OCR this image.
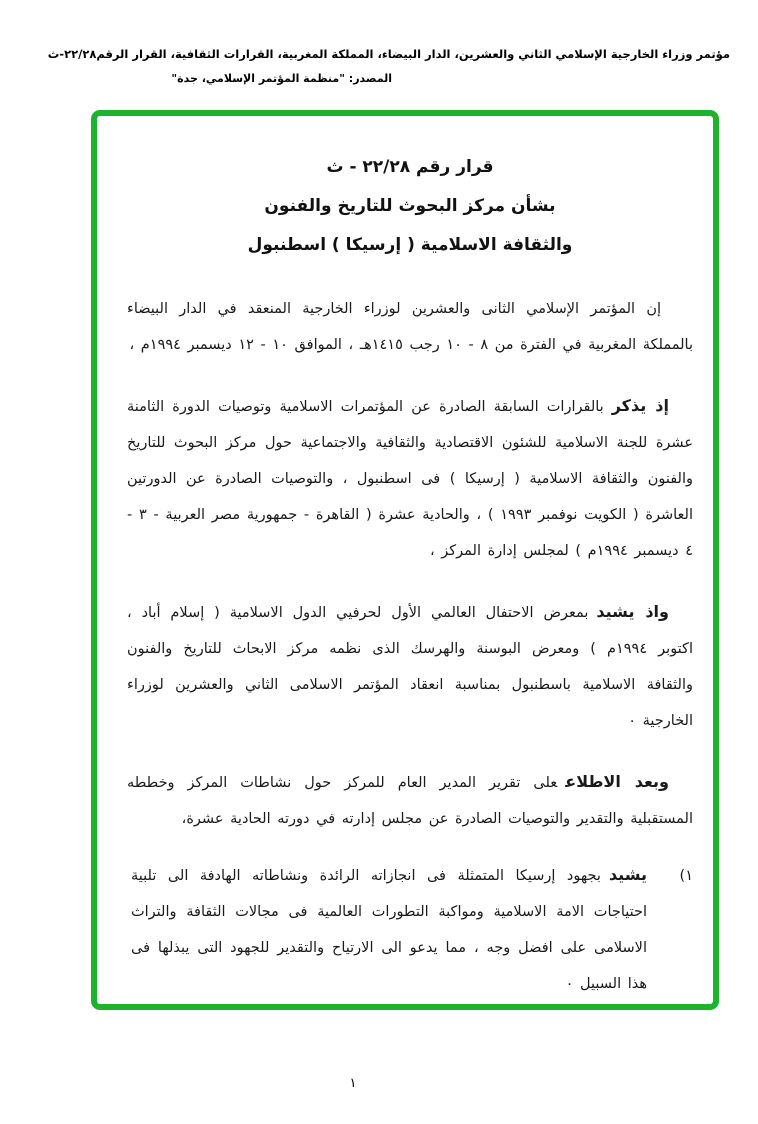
مؤتمر وزراء الخارجية الإسلامي الثاني والعشرين، الدار البيضاء، المملكة المغربية، القرارات الثقافية، القرار الرقم٢٢/٢٨-ث
المصدر: "منظمة المؤتمر الإسلامي، جدة"
قرار رقم ٢٢/٢٨ - ث
بشأن مركز البحوث للتاريخ والفنون
والثقافة الاسلامية ( إرسيكا ) اسطنبول

إن المؤتمر الإسلامي الثانى والعشرين لوزراء الخارجية المنعقد في الدار البيضاء بالمملكة المغربية في الفترة من ٨ - ١٠ رجب ١٤١٥هـ ، الموافق ١٠ - ١٢ ديسمبر ١٩٩٤م ،

إذ يذكربالقرارات السابقة الصادرة عن المؤتمرات الاسلامية وتوصيات الدورة الثامنة عشرة للجنة الاسلامية للشئون الاقتصادية والثقافية والاجتماعية حول مركز البحوث للتاريخ والفنون والثقافة الاسلامية ( إرسيكا ) فى اسطنبول ، والتوصيات الصادرة عن الدورتين العاشرة ( الكويت نوفمبر ١٩٩٣ ) ، والحادية عشرة ( القاهرة - جمهورية مصر العربية - ٣ - ٤ ديسمبر ١٩٩٤م ) لمجلس إدارة المركز ،

واذ يشيدبمعرض الاحتفال العالمي الأول لحرفيي الدول الاسلامية ( إسلام أباد ، اكتوبر ١٩٩٤م ) ومعرض البوسنة والهرسك الذى نظمه مركز الابحاث للتاريخ والفنون والثقافة الاسلامية باسطنبول بمناسبة انعقاد المؤتمر الاسلامى الثاني والعشرين لوزراء الخارجية ٠

وبعد الاطلاععلى تقرير المدير العام للمركز حول نشاطات المركز وخططه المستقبلية والتقدير والتوصيات الصادرة عن مجلس إدارته في دورته الحادية عشرة،

١)
يشيدبجهود إرسيكا المتمثلة فى انجازاته الرائدة ونشاطاته الهادفة الى تلبية احتياجات الامة الاسلامية ومواكبة التطورات العالمية فى مجالات الثقافة والتراث الاسلامى على افضل وجه ، مما يدعو الى الارتياح والتقدير للجهود التى يبذلها فى هذا السبيل ٠
١
